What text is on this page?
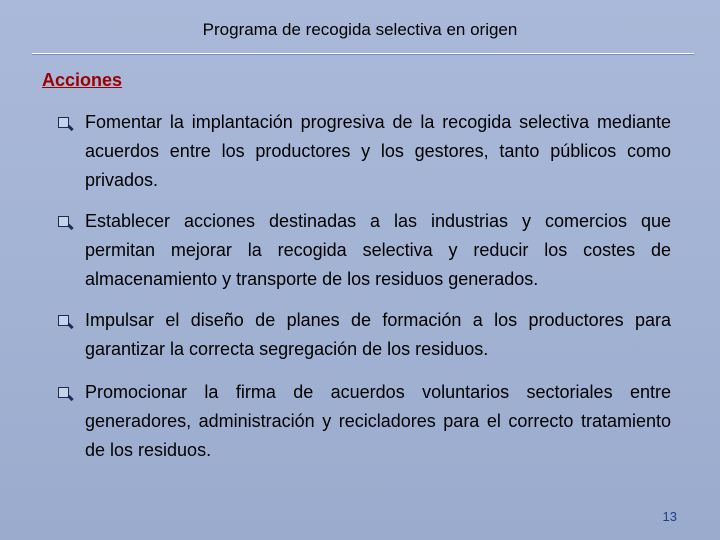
Programa de recogida selectiva en origen
Acciones
Fomentar la implantación progresiva de la recogida selectiva mediante acuerdos entre los productores y los gestores, tanto públicos como privados.
Establecer acciones destinadas a las industrias y comercios que permitan mejorar la recogida selectiva y reducir los costes de almacenamiento y transporte de los residuos generados.
Impulsar el diseño de planes de formación a los productores para garantizar la correcta segregación de los residuos.
Promocionar la firma de acuerdos voluntarios sectoriales entre generadores, administración y recicladores para el correcto tratamiento de los residuos.
13
